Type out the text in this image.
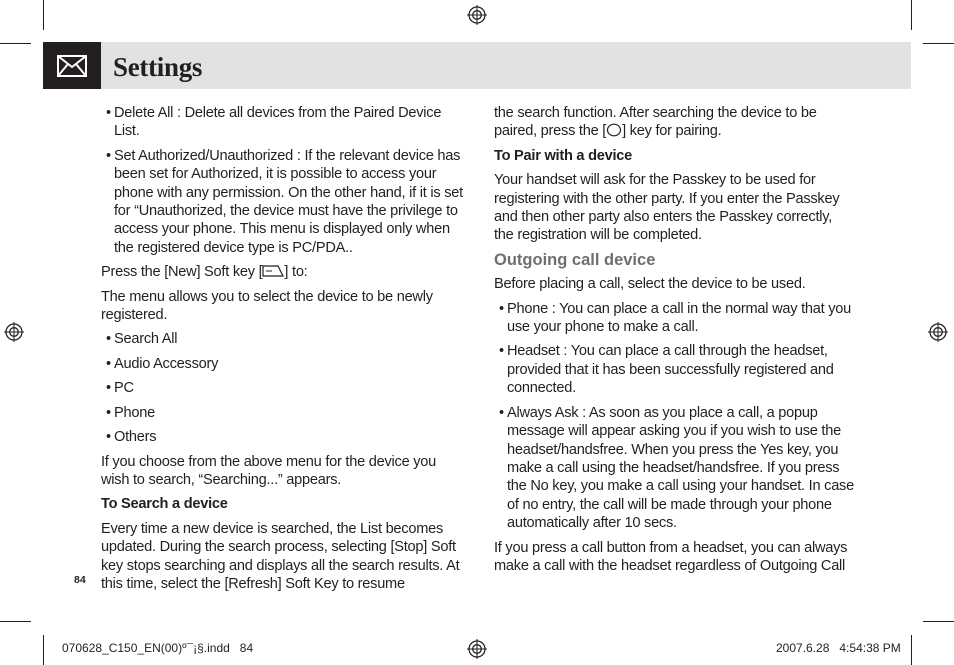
Settings
• Delete All : Delete all devices from the Paired Device List.
• Set Authorized/Unauthorized : If the relevant device has been set for Authorized, it is possible to access your phone with any permission. On the other hand, if it is set for “Unauthorized, the device must have the privilege to access your phone. This menu is displayed only when the registered device type is PC/PDA..

Press the [New] Soft key [ ] to:

The menu allows you to select the device to be newly registered.

• Search All
• Audio Accessory
• PC
• Phone
• Others

If you choose from the above menu for the device you wish to search, “Searching...” appears.

To Search a device

Every time a new device is searched, the List becomes updated. During the search process, selecting [Stop] Soft key stops searching and displays all the search results. At this time, select the [Refresh] Soft Key to resume

84

the search function. After searching the device to be paired, press the [ ] key for pairing.

To Pair with a device

Your handset will ask for the Passkey to be used for registering with the other party. If you enter the Passkey and then other party also enters the Passkey correctly, the registration will be completed.

Outgoing call device

Before placing a call, select the device to be used.

• Phone : You can place a call in the normal way that you use your phone to make a call.
• Headset : You can place a call through the headset, provided that it has been successfully registered and connected.
• Always Ask : As soon as you place a call, a popup message will appear asking you if you wish to use the headset/handsfree. When you press the Yes key, you make a call using the headset/handsfree. If you press the No key, you make a call using your handset. In case of no entry, the call will be made through your phone automatically after 10 secs.

If you press a call button from a headset, you can always make a call with the headset regardless of Outgoing Call

070628_C150_EN(00)º¯¡§.indd   84	2007.6.28   4:54:38 PM
